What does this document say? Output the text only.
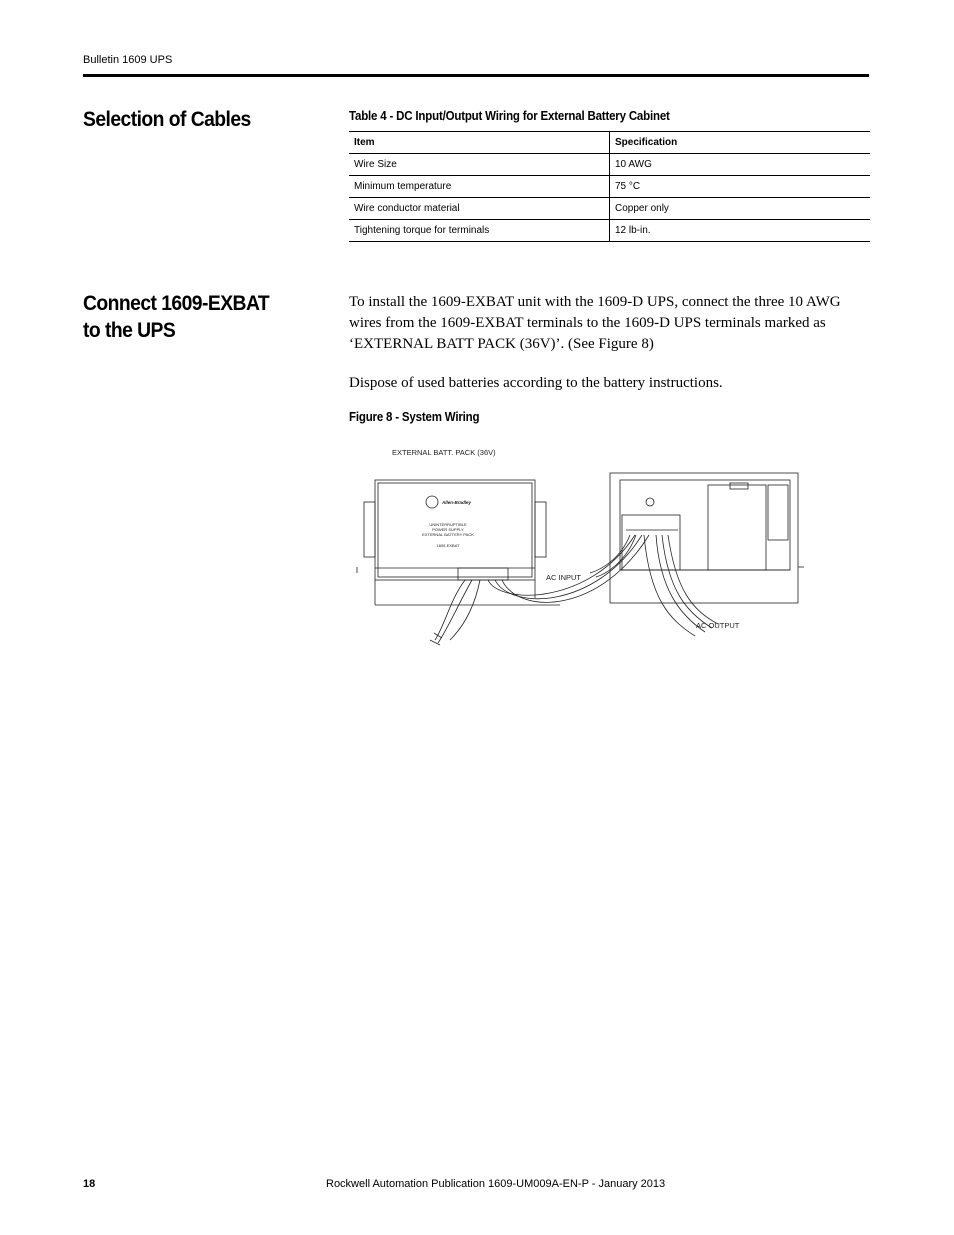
Bulletin 1609 UPS
Selection of Cables	Table 4 - DC Input/Output Wiring for External Battery Cabinet
Item	Specification
Wire Size	10 AWG
Minimum temperature	75 °C
Wire conductor material	Copper only
Tightening torque for terminals	12 lb-in.
Connect 1609-EXBAT
to the UPS
To install the 1609-EXBAT unit with the 1609-D UPS, connect the three 10 AWG wires from the 1609-EXBAT terminals to the 1609-D UPS terminals marked as ‘EXTERNAL BATT PACK (36V)’. (See Figure 8)
Dispose of used batteries according to the battery instructions.
Figure 8 - System Wiring
EXTERNAL BATT. PACK (36V)
Allen-Bradley
UNINTERRUPTIBLE
POWER SUPPLY
EXTERNAL BATTERY PACK
1609-EXBAT
AC INPUT
AC OUTPUT
18	Rockwell Automation Publication 1609-UM009A-EN-P - January 2013
